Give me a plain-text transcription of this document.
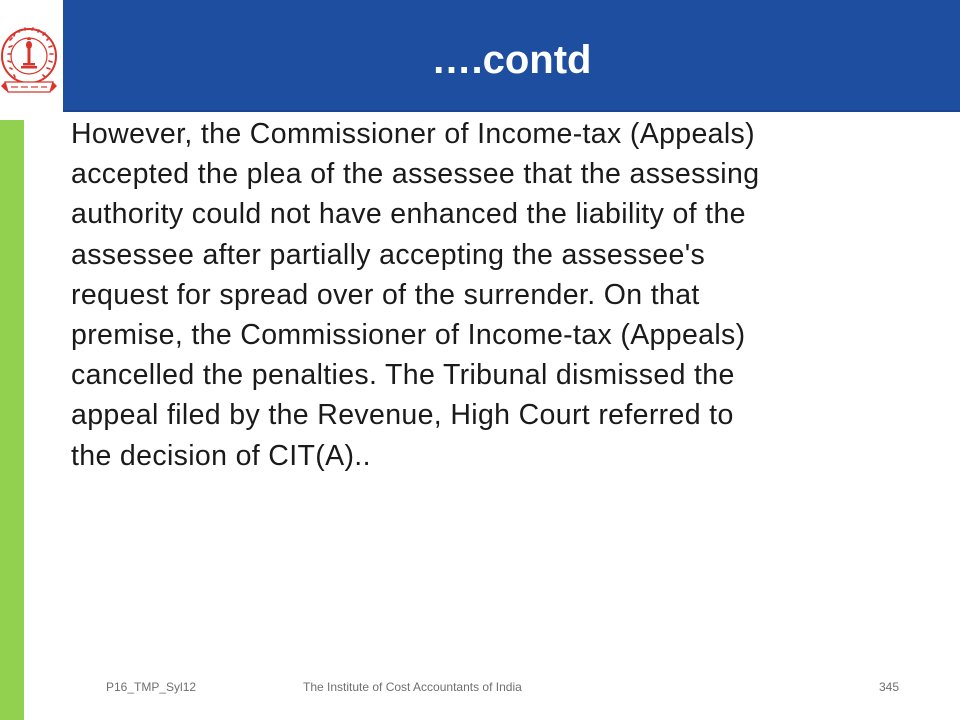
….contd

However, the Commissioner of Income-tax (Appeals)
accepted the plea of the assessee that the assessing
authority could not have enhanced the liability of the
assessee after partially accepting the assessee's
request for spread over of the surrender. On that
premise, the Commissioner of Income-tax (Appeals)
cancelled the penalties. The Tribunal dismissed the
appeal filed by the Revenue, High Court referred to
the decision of CIT(A)..

P16_TMP_Syl12	The Institute of Cost Accountants of India	345
